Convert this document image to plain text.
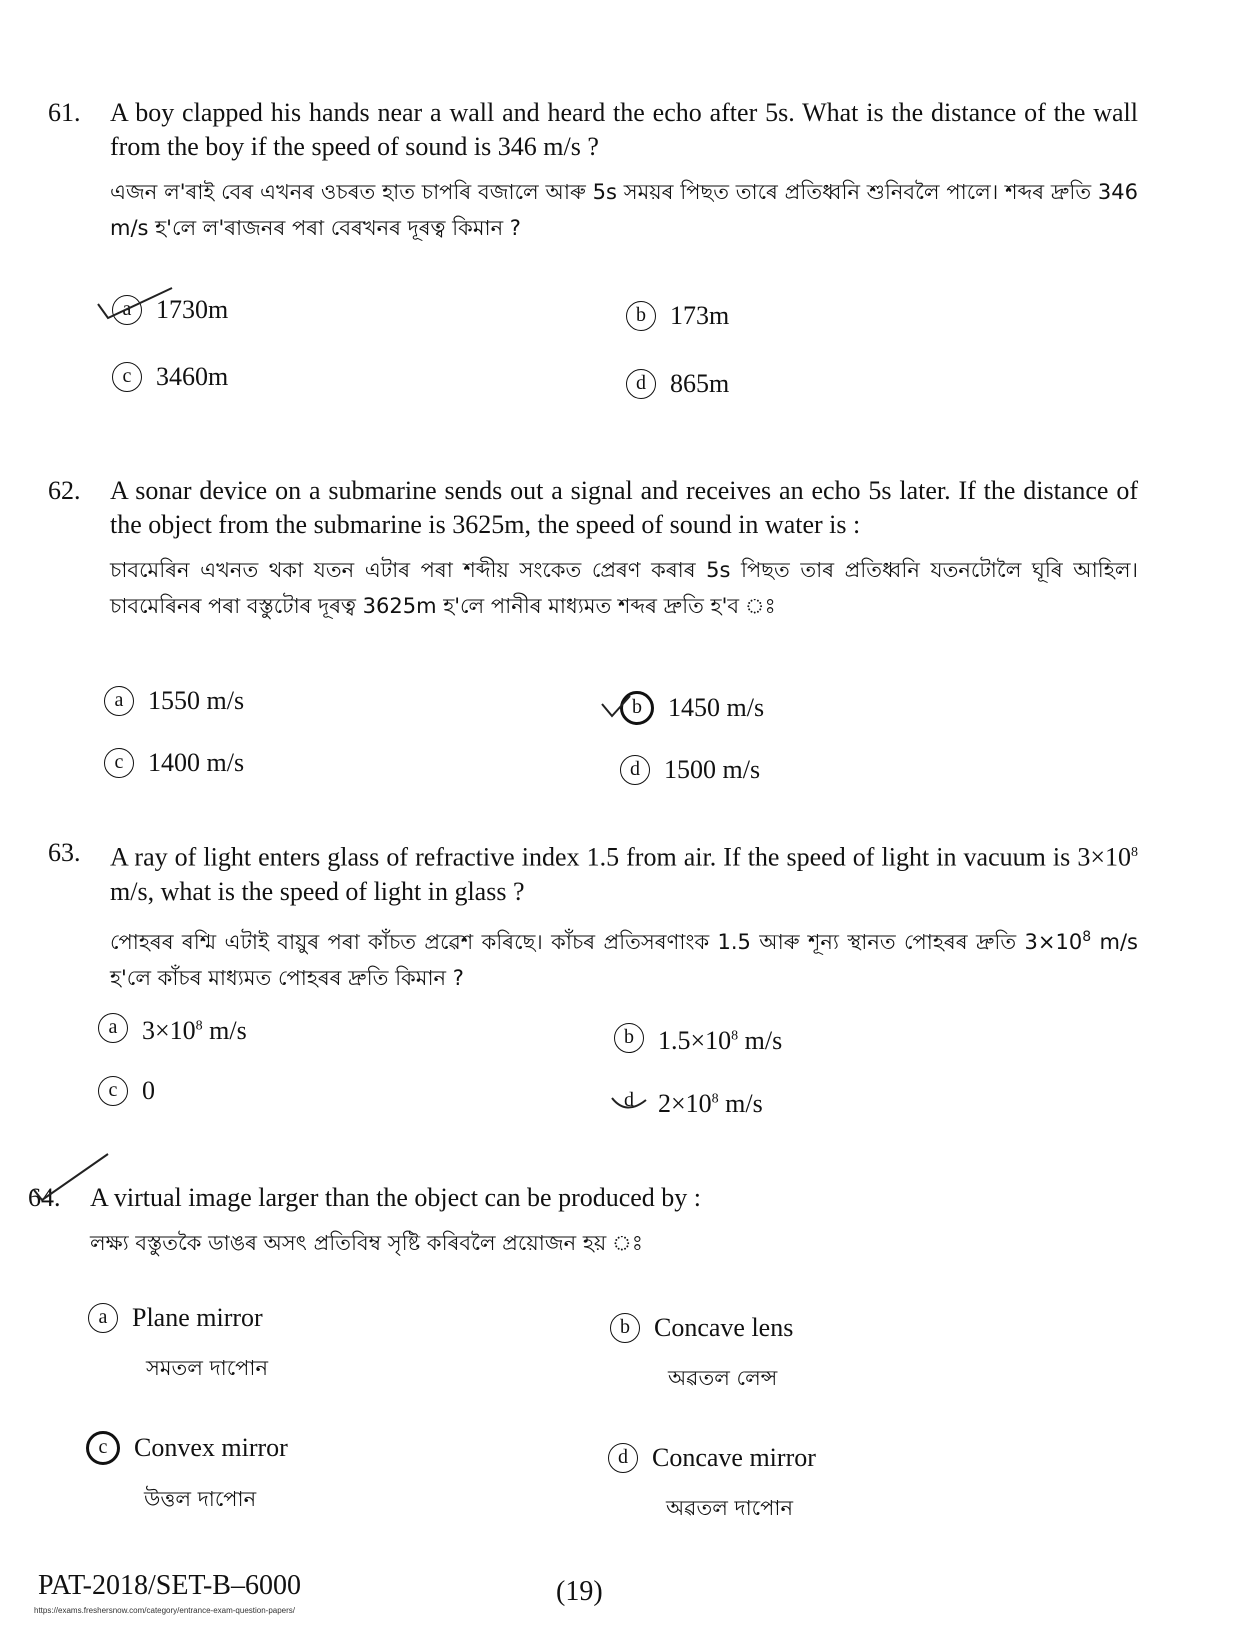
61. A boy clapped his hands near a wall and heard the echo after 5s. What is the distance of the wall from the boy if the speed of sound is 346 m/s ?
এজন ল'ৰাই বেৰ এখনৰ ওচৰত হাত চাপৰি বজালে আৰু 5s সময়ৰ পিছত তাৰে প্ৰতিধ্বনি শুনিবলৈ পালে। শব্দৰ দ্ৰুতি 346 m/s হ'লে ল'ৰাজনৰ পৰা বেৰখনৰ দূৰত্ব কিমান ?
a 1730m	b 173m
c 3460m	d 865m
62. A sonar device on a submarine sends out a signal and receives an echo 5s later. If the distance of the object from the submarine is 3625m, the speed of sound in water is :
চাবমেৰিন এখনত থকা যতন এটাৰ পৰা শব্দীয় সংকেত প্ৰেৰণ কৰাৰ 5s পিছত তাৰ প্ৰতিধ্বনি যতনটোলৈ ঘূৰি আহিল। চাবমেৰিনৰ পৰা বস্তুটোৰ দূৰত্ব 3625m হ'লে পানীৰ মাধ্যমত শব্দৰ দ্ৰুতি হ'ব ঃ
a 1550 m/s	b 1450 m/s
c 1400 m/s	d 1500 m/s
63. A ray of light enters glass of refractive index 1.5 from air. If the speed of light in vacuum is $3\times 10^8$ m/s, what is the speed of light in glass ?
পোহৰৰ ৰশ্মি এটাই বায়ুৰ পৰা কাঁচত প্ৰৱেশ কৰিছে। কাঁচৰ প্ৰতিসৰণাংক 1.5 আৰু শূন্য স্থানত পোহৰৰ দ্ৰুতি $3\times 10^8$ m/s হ'লে কাঁচৰ মাধ্যমত পোহৰৰ দ্ৰুতি কিমান ?
a $3\times 10^8$ m/s	b $1.5\times 10^8$ m/s
c 0	d $2\times 10^8$ m/s
64. A virtual image larger than the object can be produced by :
লক্ষ্য বস্তুতকৈ ডাঙৰ অসৎ প্ৰতিবিম্ব সৃষ্টি কৰিবলৈ প্ৰয়োজন হয় ঃ
a Plane mirror
সমতল দাপোন
b Concave lens
অৱতল লেন্স
c Convex mirror
উত্তল দাপোন
d Concave mirror
অৱতল দাপোন
PAT-2018/SET-B–6000	(19)
https://exams.freshersnow.com/category/entrance-exam-question-papers/
